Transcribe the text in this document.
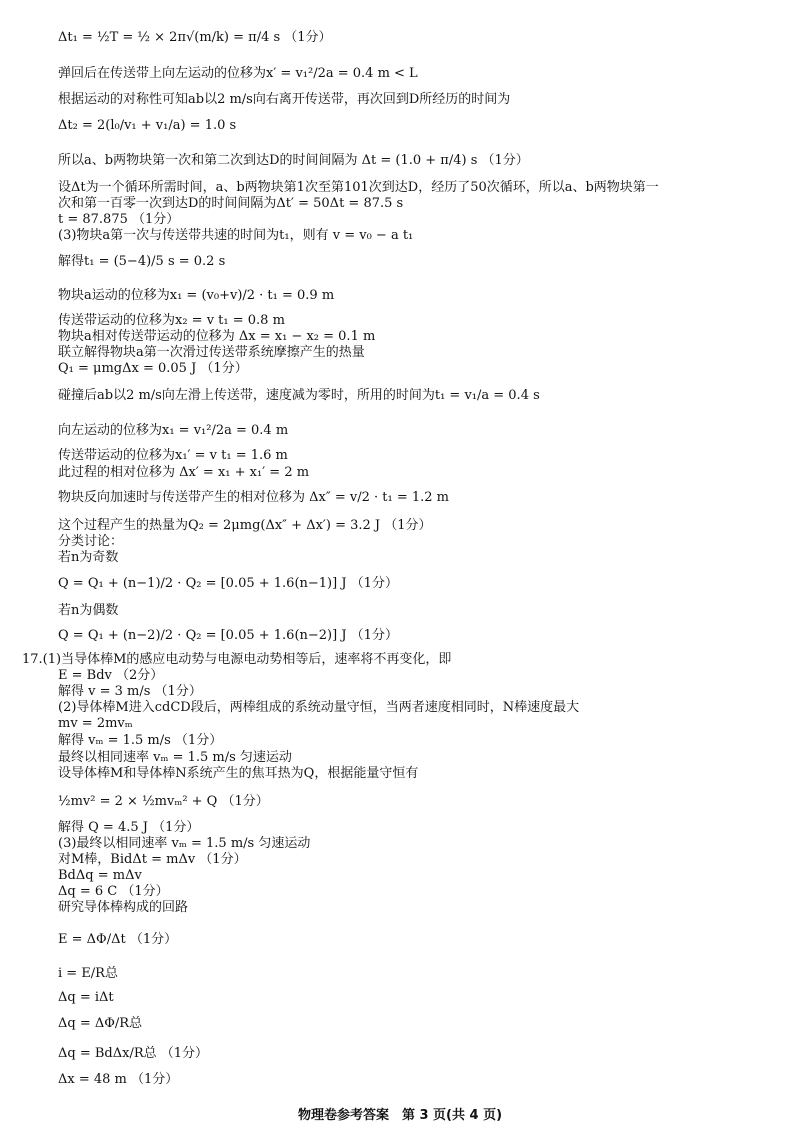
Δt₁ = ½T = ½ × 2π√(m/k) = π/4 s （1分）
弹回后在传送带上向左运动的位移为x′ = v₁²/2a = 0.4 m < L
根据运动的对称性可知ab以2 m/s向右离开传送带，再次回到D所经历的时间为
Δt₂ = 2(l₀/v₁ + v₁/a) = 1.0 s
所以a、b两物块第一次和第二次到达D的时间间隔为 Δt = (1.0 + π/4) s （1分）
设Δt为一个循环所需时间，a、b两物块第1次至第101次到达D，经历了50次循环，所以a、b两物块第一
次和第一百零一次到达D的时间间隔为Δt′ = 50Δt = 87.5 s
t = 87.875 （1分）
(3)物块a第一次与传送带共速的时间为t₁，则有 v = v₀ − a t₁
解得t₁ = (5−4)/5 s = 0.2 s
物块a运动的位移为x₁ = (v₀+v)/2 · t₁ = 0.9 m
传送带运动的位移为x₂ = v t₁ = 0.8 m
物块a相对传送带运动的位移为 Δx = x₁ − x₂ = 0.1 m
联立解得物块a第一次滑过传送带系统摩擦产生的热量
Q₁ = μmgΔx = 0.05 J （1分）
碰撞后ab以2 m/s向左滑上传送带，速度减为零时，所用的时间为t₁ = v₁/a = 0.4 s
向左运动的位移为x₁ = v₁²/2a = 0.4 m
传送带运动的位移为x₁′ = v t₁ = 1.6 m
此过程的相对位移为 Δx′ = x₁ + x₁′ = 2 m
物块反向加速时与传送带产生的相对位移为 Δx″ = v/2 · t₁ = 1.2 m
这个过程产生的热量为Q₂ = 2μmg(Δx″ + Δx′) = 3.2 J （1分）
分类讨论：
若n为奇数
Q = Q₁ + (n−1)/2 · Q₂ = [0.05 + 1.6(n−1)] J （1分）
若n为偶数
Q = Q₁ + (n−2)/2 · Q₂ = [0.05 + 1.6(n−2)] J （1分）
17.(1)当导体棒M的感应电动势与电源电动势相等后，速率将不再变化，即
E = Bdv （2分）
解得 v = 3 m/s （1分）
(2)导体棒M进入cdCD段后，两棒组成的系统动量守恒，当两者速度相同时，N棒速度最大
mv = 2mvₘ
解得 vₘ = 1.5 m/s （1分）
最终以相同速率 vₘ = 1.5 m/s 匀速运动
设导体棒M和导体棒N系统产生的焦耳热为Q，根据能量守恒有
½mv² = 2 × ½mvₘ² + Q （1分）
解得 Q = 4.5 J （1分）
(3)最终以相同速率 vₘ = 1.5 m/s 匀速运动
对M棒，BidΔt = mΔv （1分）
BdΔq = mΔv
Δq = 6 C （1分）
研究导体棒构成的回路
E = ΔΦ/Δt （1分）
i = E/R总
Δq = iΔt
Δq = ΔΦ/R总
Δq = BdΔx/R总 （1分）
Δx = 48 m （1分）
物理卷参考答案　第 3 页(共 4 页)
